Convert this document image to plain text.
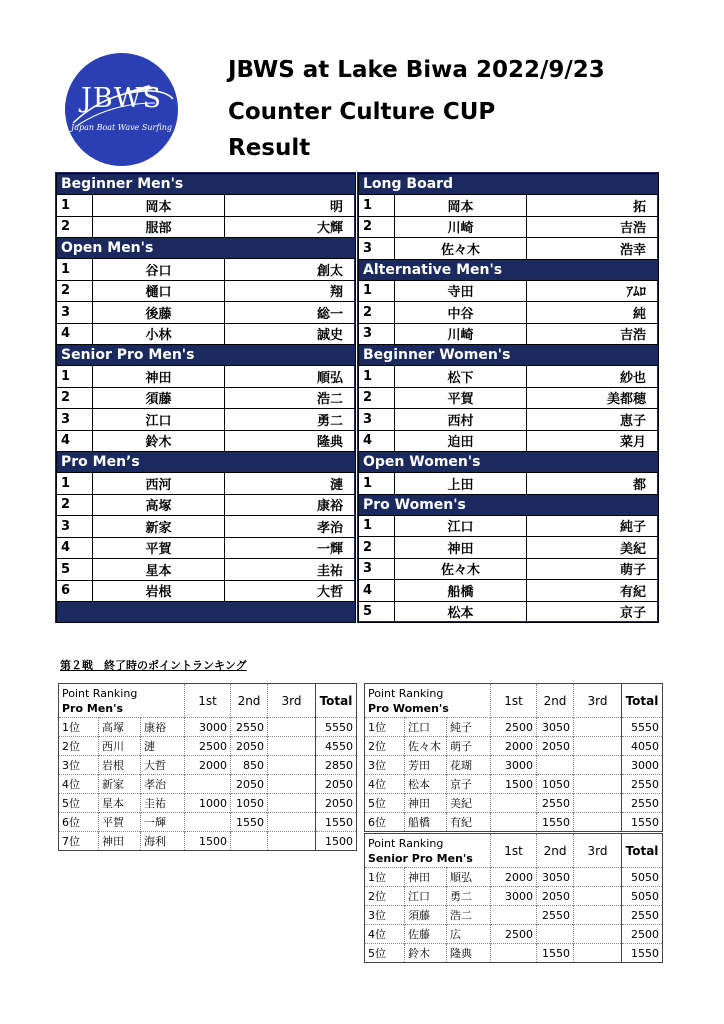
JBWS
Japan Boat Wave Surfing
JBWS at Lake Biwa 2022/9/23
Counter Culture CUP
Result
Beginner Men's		
1	岡本	明
2	服部	大輝
Open Men's		
1	谷口	創太
2	樋口	翔
3	後藤	総一
4	小林	誠史
Senior Pro Men's		
1	神田	順弘
2	須藤	浩二
3	江口	勇二
4	鈴木	隆典
Pro Men’s		
1	西河	漣
2	高塚	康裕
3	新家	孝治
4	平賀	一輝
5	星本	圭祐
6	岩根	大哲

Long Board		
1	岡本	拓
2	川崎	吉浩
3	佐々木	浩幸
Alternative Men's		
1	寺田	ｱﾑﾛ
2	中谷	純
3	川崎	吉浩
Beginner Women's		
1	松下	紗也
2	平賀	美都穂
3	西村	恵子
4	迫田	菜月
Open Women's		
1	上田	都
Pro Women's		
1	江口	純子
2	神田	美紀
3	佐々木	萌子
4	船橋	有紀
5	松本	京子
第２戦　終了時のポイントランキング
Point Ranking
Pro Men's			1st	2nd	3rd	Total
1位	高塚	康裕	3000	2550		5550
2位	西川	漣	2500	2050		4550
3位	岩根	大哲	2000	850		2850
4位	新家	孝治		2050		2050
5位	星本	圭祐	1000	1050		2050
6位	平賀	一輝		1550		1550
7位	神田	海利	1500			1500
Point Ranking
Pro Women's			1st	2nd	3rd	Total
1位	江口	純子	2500	3050		5550
2位	佐々木	萌子	2000	2050		4050
3位	芳田	花瑚	3000			3000
4位	松本	京子	1500	1050		2550
5位	神田	美紀		2550		2550
6位	船橋	有紀		1550		1550
Point Ranking
Senior Pro Men's			1st	2nd	3rd	Total
1位	神田	順弘	2000	3050		5050
2位	江口	勇二	3000	2050		5050
3位	須藤	浩二		2550		2550
4位	佐藤	広	2500			2500
5位	鈴木	隆典		1550		1550
